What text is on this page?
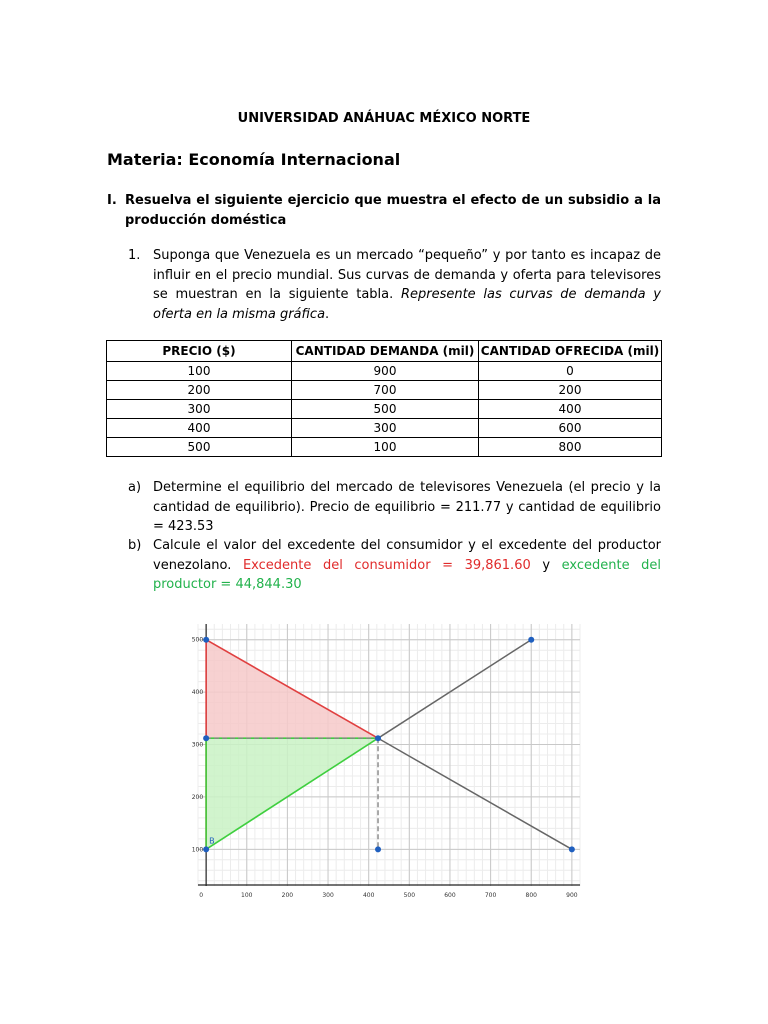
UNIVERSIDAD ANÁHUAC MÉXICO NORTE
Materia: Economía Internacional
I. Resuelva el siguiente ejercicio que muestra el efecto de un subsidio a la producción doméstica
1. Suponga que Venezuela es un mercado “pequeño” y por tanto es incapaz de influir en el precio mundial. Sus curvas de demanda y oferta para televisores se muestran en la siguiente tabla. Represente las curvas de demanda y oferta en la misma gráfica.
PRECIO ($)	CANTIDAD DEMANDA (mil)	CANTIDAD OFRECIDA (mil)
100	900	0
200	700	200
300	500	400
400	300	600
500	100	800
a) Determine el equilibrio del mercado de televisores Venezuela (el precio y la cantidad de equilibrio). Precio de equilibrio = 211.77 y cantidad de equilibrio = 423.53
b) Calcule el valor del excedente del consumidor y el excedente del productor venezolano. Excedente del consumidor = 39,861.60 y excedente del productor = 44,844.30
0	100	200	300	400	500	600	700	800	900
100
200
300
400
500
B
